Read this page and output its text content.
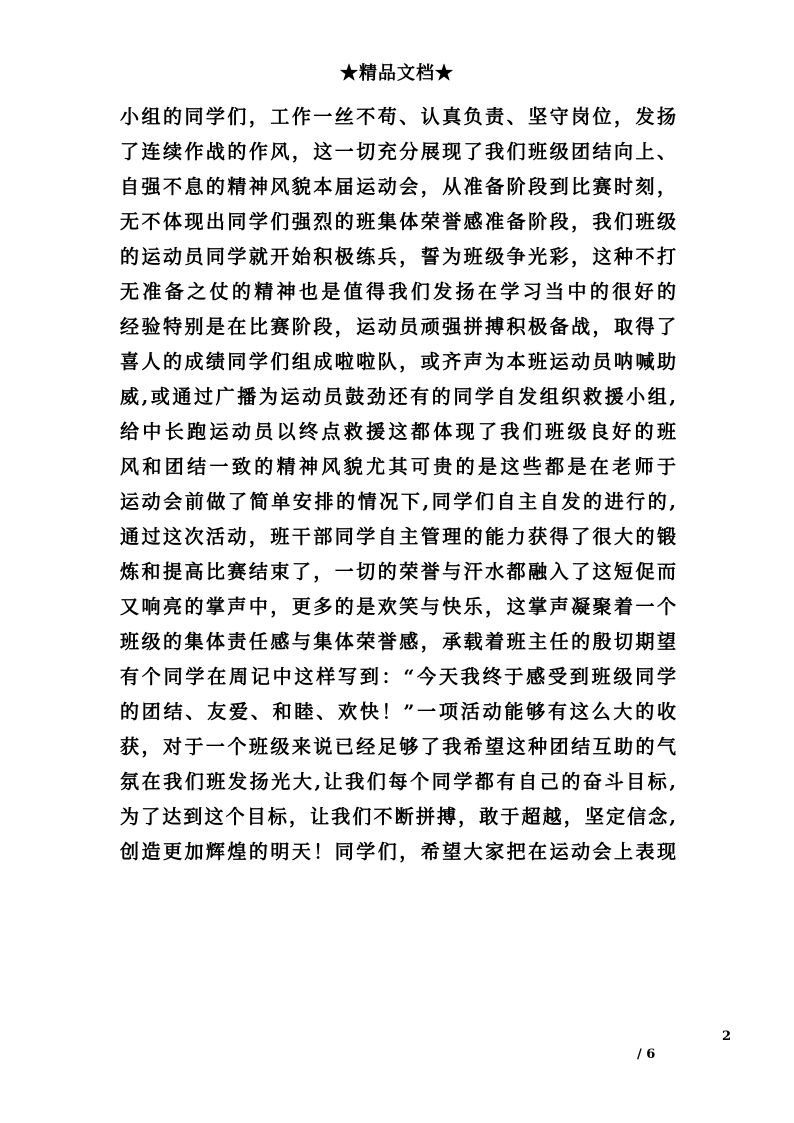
★精品文档★
小组的同学们，工作一丝不苟、认真负责、坚守岗位，发扬
了连续作战的作风，这一切充分展现了我们班级团结向上、
自强不息的精神风貌本届运动会，从准备阶段到比赛时刻，
无不体现出同学们强烈的班集体荣誉感准备阶段，我们班级
的运动员同学就开始积极练兵，誓为班级争光彩，这种不打
无准备之仗的精神也是值得我们发扬在学习当中的很好的
经验特别是在比赛阶段，运动员顽强拼搏积极备战，取得了
喜人的成绩同学们组成啦啦队，或齐声为本班运动员呐喊助
威,或通过广播为运动员鼓劲还有的同学自发组织救援小组,
给中长跑运动员以终点救援这都体现了我们班级良好的班
风和团结一致的精神风貌尤其可贵的是这些都是在老师于
运动会前做了简单安排的情况下,同学们自主自发的进行的,
通过这次活动，班干部同学自主管理的能力获得了很大的锻
炼和提高比赛结束了，一切的荣誉与汗水都融入了这短促而
又响亮的掌声中，更多的是欢笑与快乐，这掌声凝聚着一个
班级的集体责任感与集体荣誉感，承载着班主任的殷切期望
有个同学在周记中这样写到：“今天我终于感受到班级同学
的团结、友爱、和睦、欢快！”一项活动能够有这么大的收
获，对于一个班级来说已经足够了我希望这种团结互助的气
氛在我们班发扬光大,让我们每个同学都有自己的奋斗目标,
为了达到这个目标，让我们不断拼搏，敢于超越，坚定信念,
创造更加辉煌的明天！同学们，希望大家把在运动会上表现
2
/ 6
